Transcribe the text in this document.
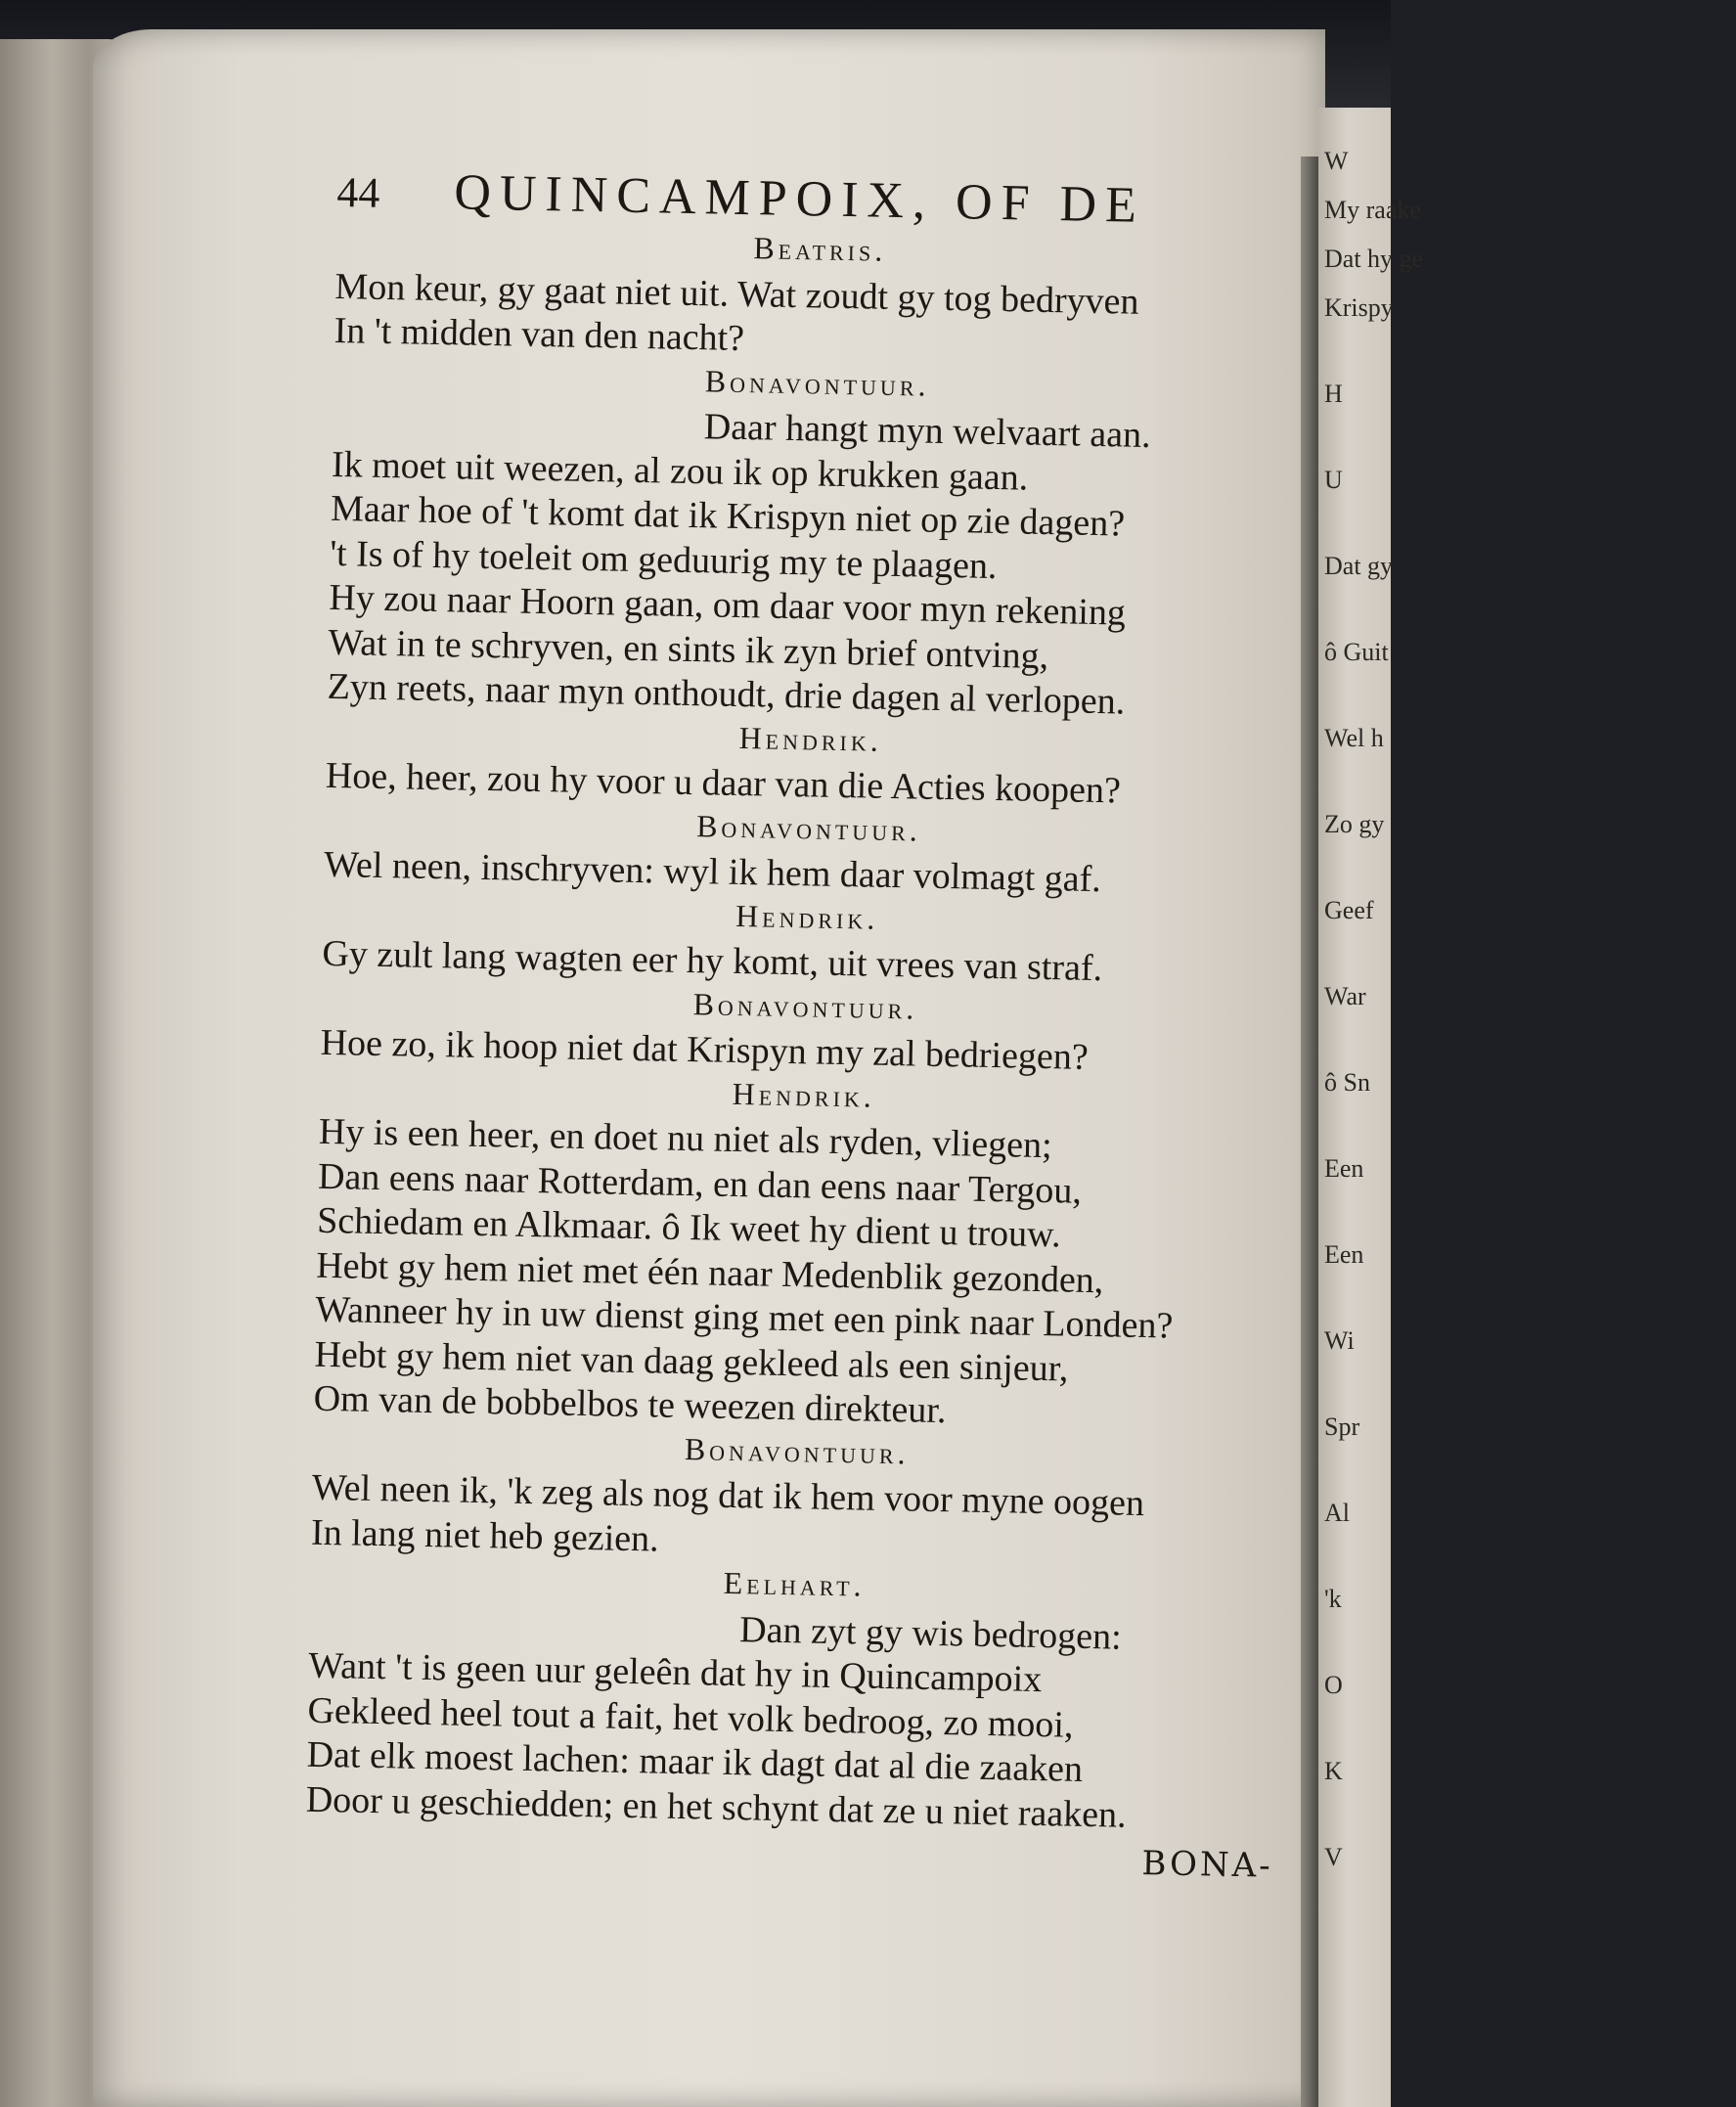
W
My raake
Dat hy ge
Krispy
H
U
Dat gy
ô Guit
Wel h
Zo gy
Geef
War
ô Sn
Een
Een
Wi
Spr
Al
'k
O
K
V
44 QUINCAMPOIX, OF DE
Beatris.
Mon keur, gy gaat niet uit. Wat zoudt gy tog bedryven
In 't midden van den nacht?
Bonavontuur.
Daar hangt myn welvaart aan.
Ik moet uit weezen, al zou ik op krukken gaan.
Maar hoe of 't komt dat ik Krispyn niet op zie dagen?
't Is of hy toeleit om geduurig my te plaagen.
Hy zou naar Hoorn gaan, om daar voor myn rekening
Wat in te schryven, en sints ik zyn brief ontving,
Zyn reets, naar myn onthoudt, drie dagen al verlopen.
Hendrik.
Hoe, heer, zou hy voor u daar van die Acties koopen?
Bonavontuur.
Wel neen, inschryven: wyl ik hem daar volmagt gaf.
Hendrik.
Gy zult lang wagten eer hy komt, uit vrees van straf.
Bonavontuur.
Hoe zo, ik hoop niet dat Krispyn my zal bedriegen?
Hendrik.
Hy is een heer, en doet nu niet als ryden, vliegen;
Dan eens naar Rotterdam, en dan eens naar Tergou,
Schiedam en Alkmaar. ô Ik weet hy dient u trouw.
Hebt gy hem niet met één naar Medenblik gezonden,
Wanneer hy in uw dienst ging met een pink naar Londen?
Hebt gy hem niet van daag gekleed als een sinjeur,
Om van de bobbelbos te weezen direkteur.
Bonavontuur.
Wel neen ik, 'k zeg als nog dat ik hem voor myne oogen
In lang niet heb gezien.
Eelhart.
Dan zyt gy wis bedrogen:
Want 't is geen uur geleên dat hy in Quincampoix
Gekleed heel tout a fait, het volk bedroog, zo mooi,
Dat elk moest lachen: maar ik dagt dat al die zaaken
Door u geschiedden; en het schynt dat ze u niet raaken.
BONA-
